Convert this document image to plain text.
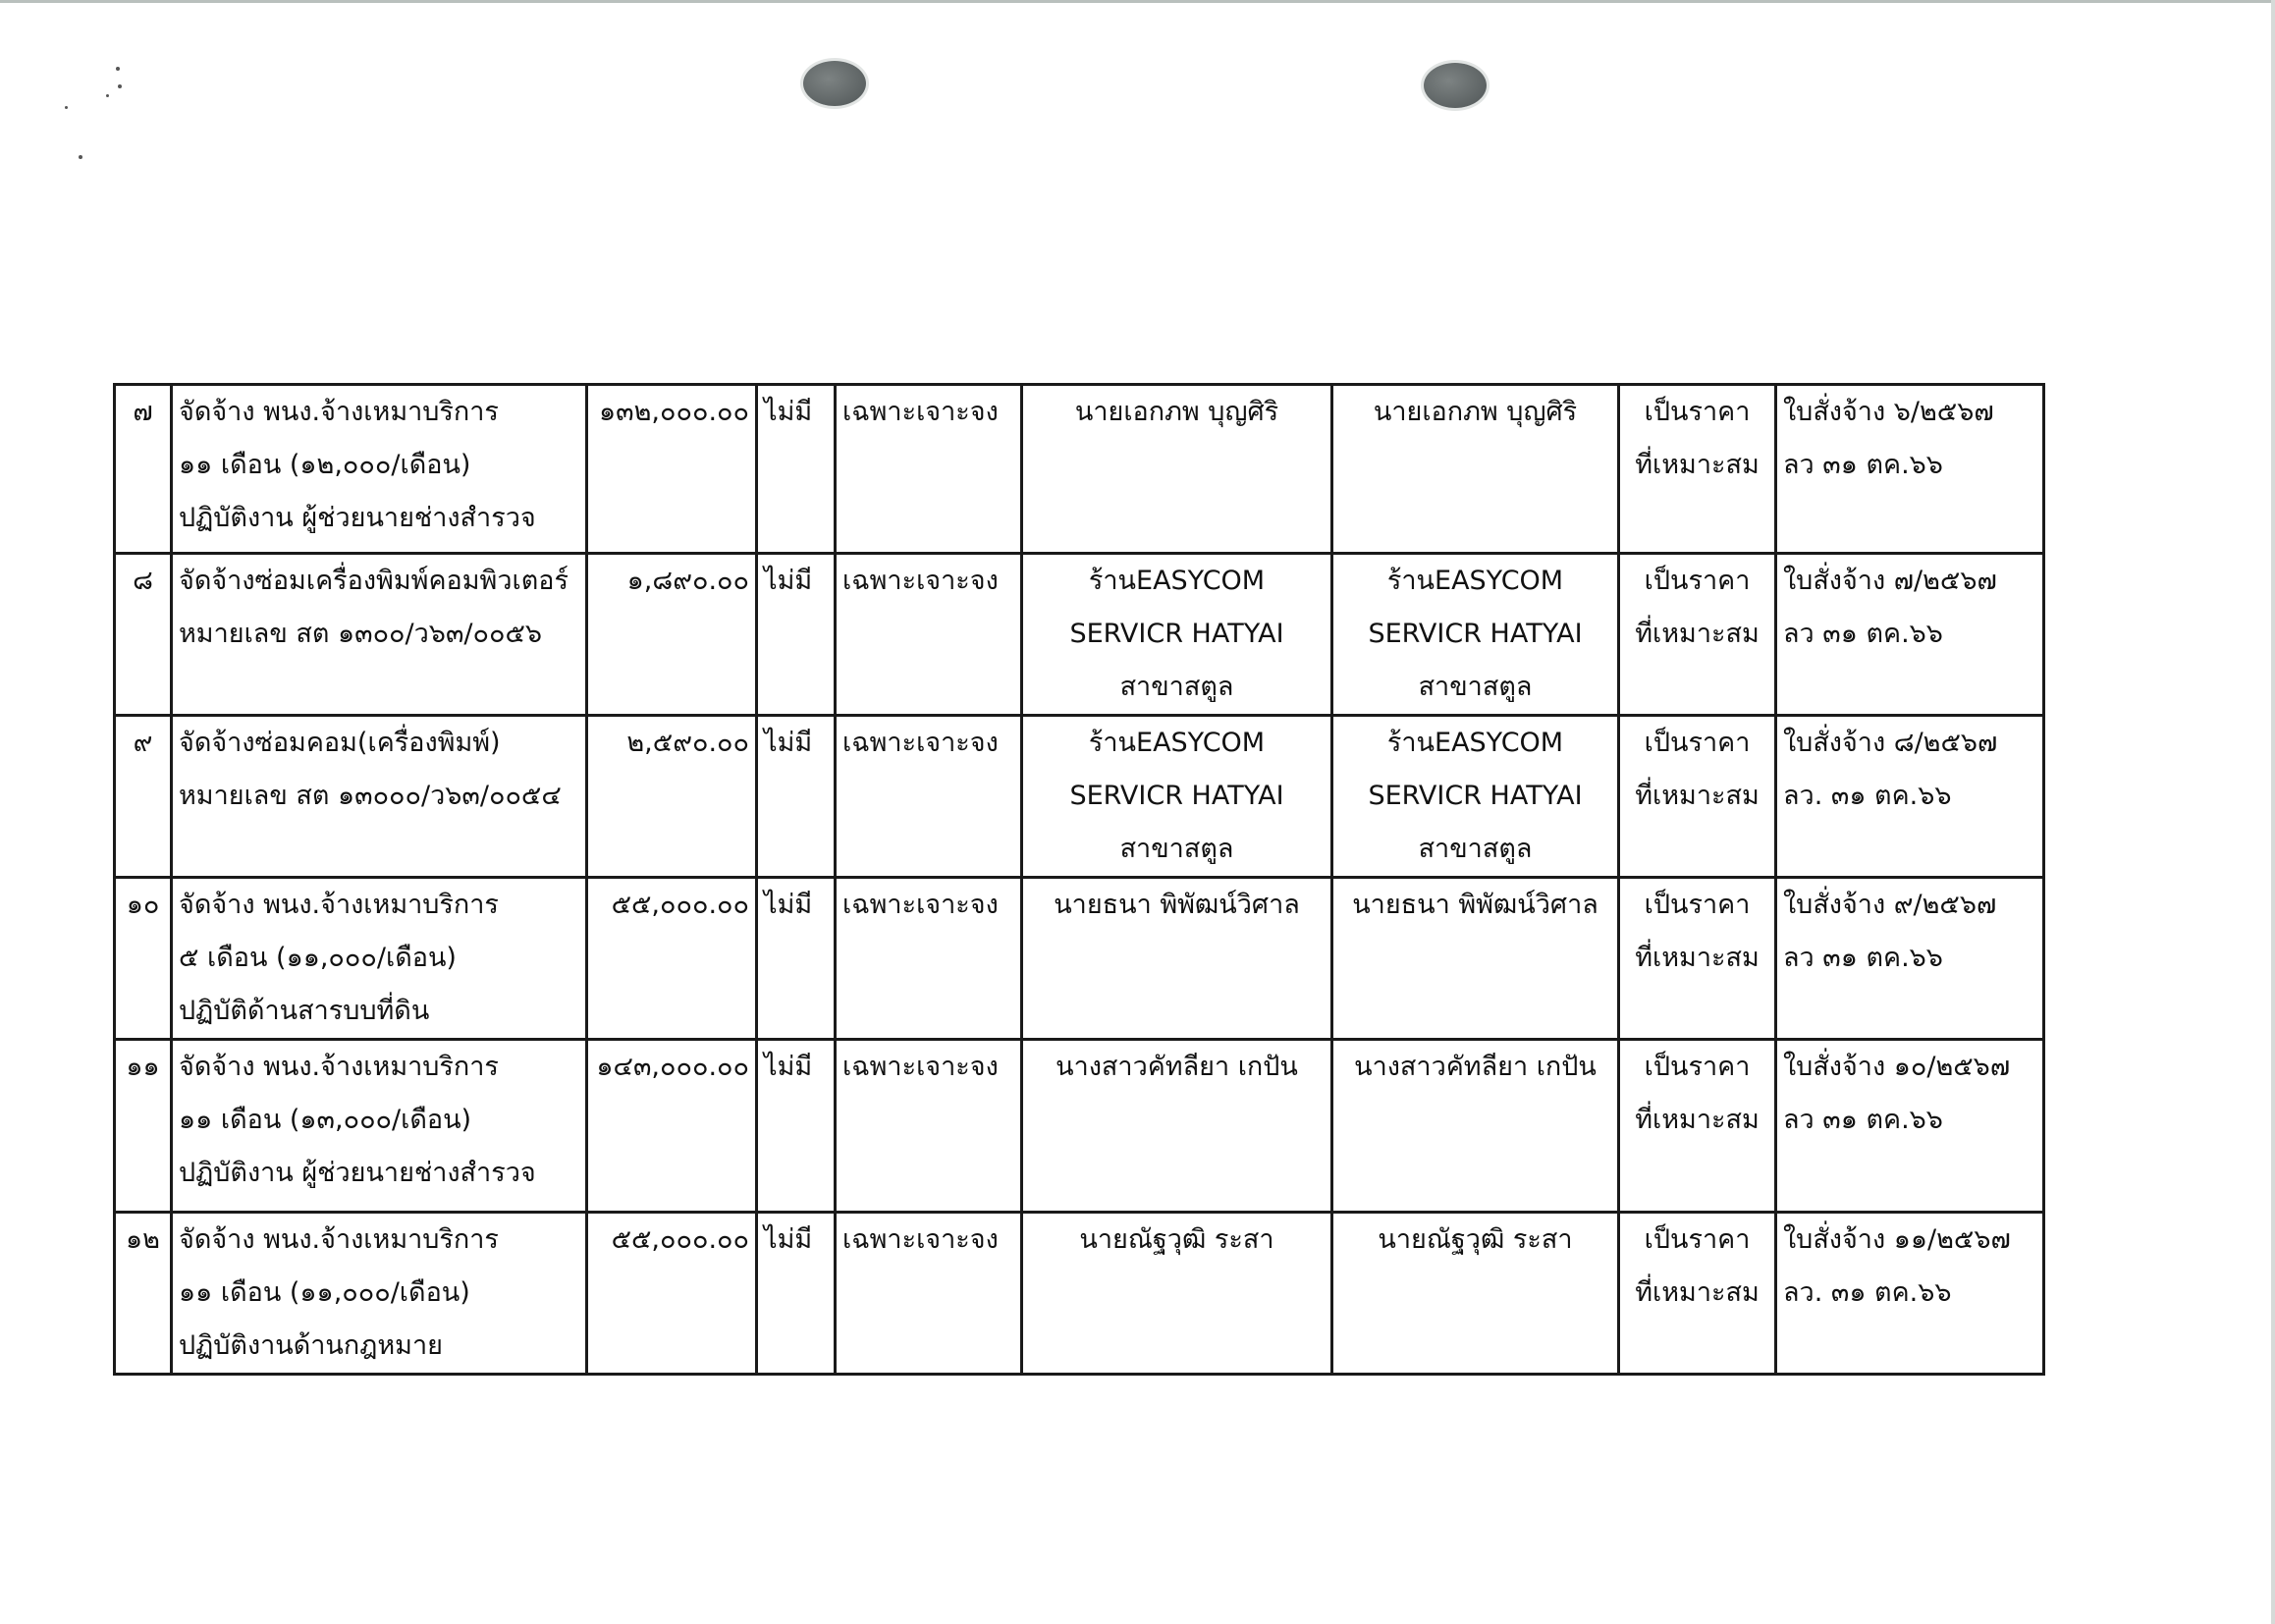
๗	จัดจ้าง พนง.จ้างเหมาบริการ
๑๑ เดือน (๑๒,๐๐๐/เดือน)
ปฏิบัติงาน ผู้ช่วยนายช่างสำรวจ	๑๓๒,๐๐๐.๐๐	ไม่มี	เฉพาะเจาะจง	นายเอกภพ บุญศิริ	นายเอกภพ บุญศิริ	เป็นราคา
ที่เหมาะสม	ใบสั่งจ้าง ๖/๒๕๖๗
ลว ๓๑ ตค.๖๖

๘	จัดจ้างซ่อมเครื่องพิมพ์คอมพิวเตอร์
หมายเลข สต ๑๓๐๐/ว๖๓/๐๐๕๖	๑,๘๙๐.๐๐	ไม่มี	เฉพาะเจาะจง	ร้านEASYCOM
SERVICR HATYAI
สาขาสตูล	ร้านEASYCOM
SERVICR HATYAI
สาขาสตูล	เป็นราคา
ที่เหมาะสม	ใบสั่งจ้าง ๗/๒๕๖๗
ลว ๓๑ ตค.๖๖

๙	จัดจ้างซ่อมคอม(เครื่องพิมพ์)
หมายเลข สต ๑๓๐๐๐/ว๖๓/๐๐๕๔	๒,๕๙๐.๐๐	ไม่มี	เฉพาะเจาะจง	ร้านEASYCOM
SERVICR HATYAI
สาขาสตูล	ร้านEASYCOM
SERVICR HATYAI
สาขาสตูล	เป็นราคา
ที่เหมาะสม	ใบสั่งจ้าง ๘/๒๕๖๗
ลว. ๓๑ ตค.๖๖

๑๐	จัดจ้าง พนง.จ้างเหมาบริการ
๕ เดือน (๑๑,๐๐๐/เดือน)
ปฏิบัติด้านสารบบที่ดิน	๕๕,๐๐๐.๐๐	ไม่มี	เฉพาะเจาะจง	นายธนา พิพัฒน์วิศาล	นายธนา พิพัฒน์วิศาล	เป็นราคา
ที่เหมาะสม	ใบสั่งจ้าง ๙/๒๕๖๗
ลว ๓๑ ตค.๖๖

๑๑	จัดจ้าง พนง.จ้างเหมาบริการ
๑๑ เดือน (๑๓,๐๐๐/เดือน)
ปฏิบัติงาน ผู้ช่วยนายช่างสำรวจ	๑๔๓,๐๐๐.๐๐	ไม่มี	เฉพาะเจาะจง	นางสาวคัทลียา เกปัน	นางสาวคัทลียา เกปัน	เป็นราคา
ที่เหมาะสม	ใบสั่งจ้าง ๑๐/๒๕๖๗
ลว ๓๑ ตค.๖๖

๑๒	จัดจ้าง พนง.จ้างเหมาบริการ
๑๑ เดือน (๑๑,๐๐๐/เดือน)
ปฏิบัติงานด้านกฎหมาย	๕๕,๐๐๐.๐๐	ไม่มี	เฉพาะเจาะจง	นายณัฐวุฒิ ระสา	นายณัฐวุฒิ ระสา	เป็นราคา
ที่เหมาะสม	ใบสั่งจ้าง ๑๑/๒๕๖๗
ลว. ๓๑ ตค.๖๖
